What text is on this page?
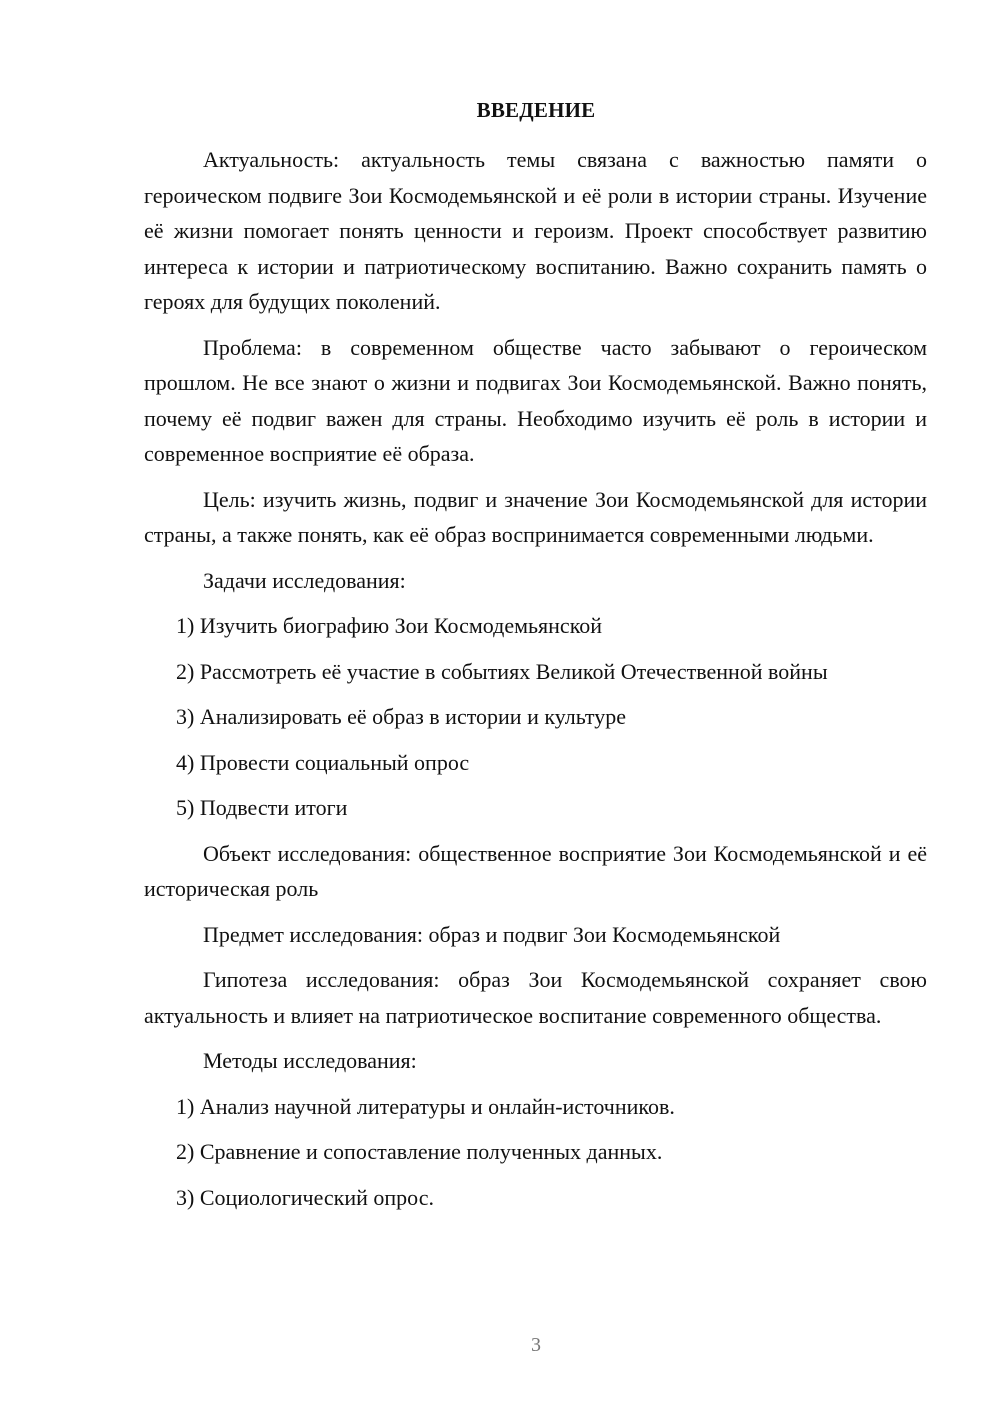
ВВЕДЕНИЕ

Актуальность: актуальность темы связана с важностью памяти о героическом подвиге Зои Космодемьянской и её роли в истории страны. Изучение её жизни помогает понять ценности и героизм. Проект способствует развитию интереса к истории и патриотическому воспитанию. Важно сохранить память о героях для будущих поколений.

Проблема: в современном обществе часто забывают о героическом прошлом. Не все знают о жизни и подвигах Зои Космодемьянской. Важно понять, почему её подвиг важен для страны. Необходимо изучить её роль в истории и современное восприятие её образа.

Цель: изучить жизнь, подвиг и значение Зои Космодемьянской для истории страны, а также понять, как её образ воспринимается современными людьми.

Задачи исследования:

1) Изучить биографию Зои Космодемьянской
2) Рассмотреть её участие в событиях Великой Отечественной войны
3) Анализировать её образ в истории и культуре
4) Провести социальный опрос
5) Подвести итоги

Объект исследования: общественное восприятие Зои Космодемьянской и её историческая роль

Предмет исследования: образ и подвиг Зои Космодемьянской

Гипотеза исследования: образ Зои Космодемьянской сохраняет свою актуальность и влияет на патриотическое воспитание современного общества.

Методы исследования:

1) Анализ научной литературы и онлайн-источников.
2) Сравнение и сопоставление полученных данных.
3) Социологический опрос.
3
